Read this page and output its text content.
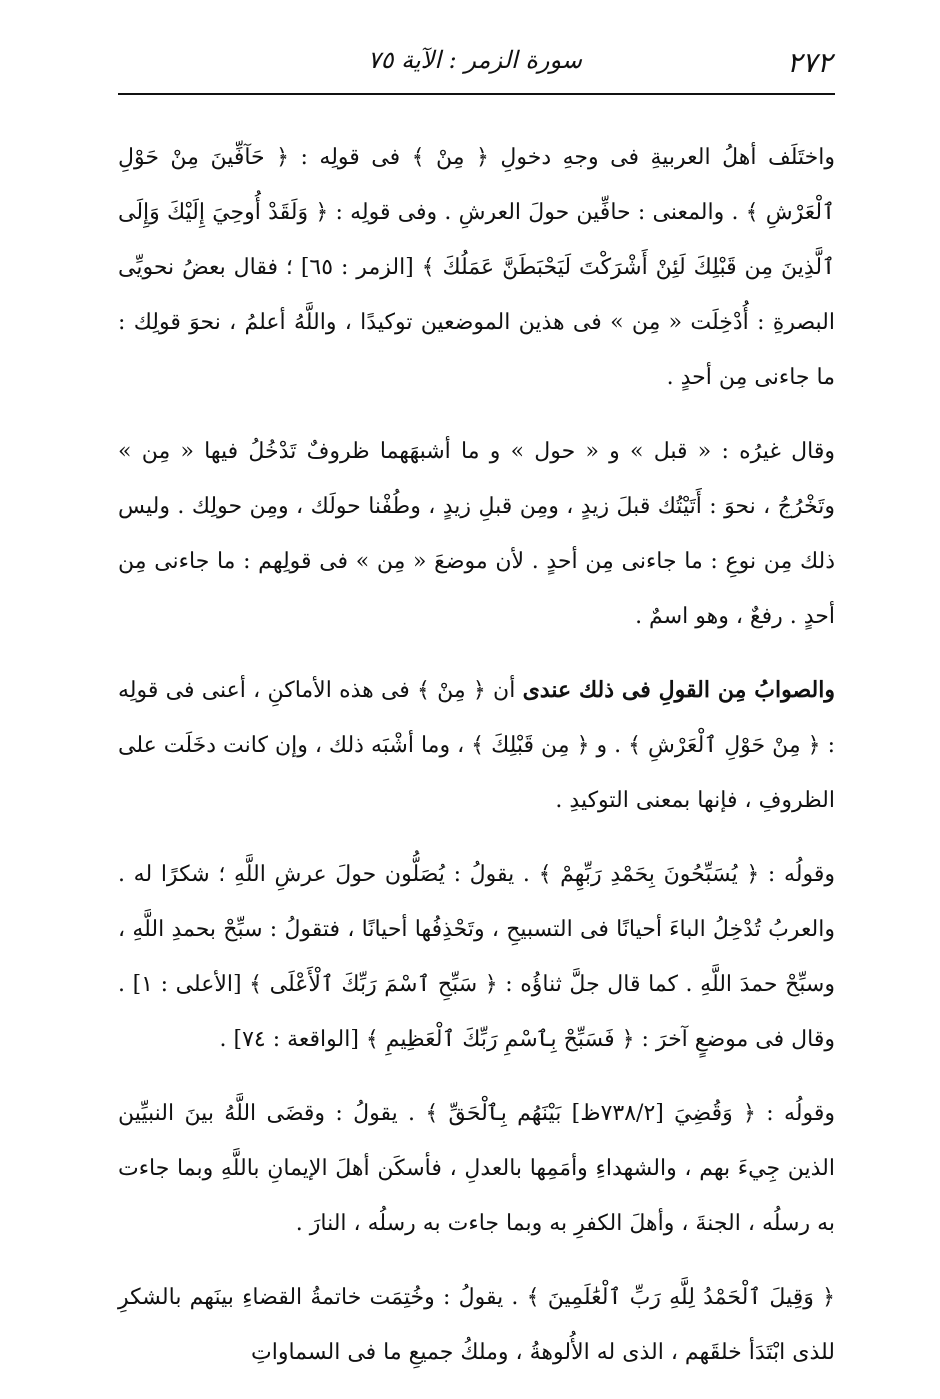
٢٧٢
سورة الزمر : الآية ٧٥

واختَلَف أهلُ العربيةِ فى وجهِ دخولِ ﴿ مِنْ ﴾ فى قولِه : ﴿ حَآفِّينَ مِنْ حَوْلِ ٱلْعَرْشِ ﴾ . والمعنى : حافِّين حولَ العرشِ . وفى قولِه : ﴿ وَلَقَدْ أُوحِيَ إِلَيْكَ وَإِلَى ٱلَّذِينَ مِن قَبْلِكَ لَئِنْ أَشْرَكْتَ لَيَحْبَطَنَّ عَمَلُكَ ﴾ [الزمر : ٦٥] ؛ فقال بعضُ نحويِّى البصرةِ : أُدْخِلَت « مِن » فى هذين الموضعين توكيدًا ، واللَّهُ أعلمُ ، نحوَ قولِك : ما جاءنى مِن أحدٍ .

وقال غيرُه : « قبل » و « حول » و ما أشبهَهما ظروفٌ تَدْخُلُ فيها « مِن » وتَخْرُجُ ، نحوَ : أَتَيْتُك قبلَ زيدٍ ، ومِن قبلِ زيدٍ ، وطُفْنا حولَك ، ومِن حولِك . وليس ذلك مِن نوعِ : ما جاءنى مِن أحدٍ . لأن موضعَ « مِن » فى قولِهم : ما جاءنى مِن أحدٍ . رفعٌ ، وهو اسمٌ .

والصوابُ مِن القولِ فى ذلك عندى أن ﴿ مِنْ ﴾ فى هذه الأماكنِ ، أعنى فى قولِه : ﴿ مِنْ حَوْلِ ٱلْعَرْشِ ﴾ . و ﴿ مِن قَبْلِكَ ﴾ ، وما أشْبَه ذلك ، وإن كانت دخَلَت على الظروفِ ، فإنها بمعنى التوكيدِ .

وقولُه : ﴿ يُسَبِّحُونَ بِحَمْدِ رَبِّهِمْ ﴾ . يقولُ : يُصَلُّون حولَ عرشِ اللَّهِ ؛ شكرًا له . والعربُ تُدْخِلُ الباءَ أحيانًا فى التسبيحِ ، وتَحْذِفُها أحيانًا ، فتقولُ : سبِّحْ بحمدِ اللَّهِ ، وسبِّحْ حمدَ اللَّهِ . كما قال جلَّ ثناؤُه : ﴿ سَبِّحِ ٱسْمَ رَبِّكَ ٱلْأَعْلَى ﴾ [الأعلى : ١] . وقال فى موضعٍ آخرَ : ﴿ فَسَبِّحْ بِٱسْمِ رَبِّكَ ٱلْعَظِيمِ ﴾ [الواقعة : ٧٤] .

وقولُه : ﴿ وَقُضِيَ [٧٣٨/٢ظ] بَيْنَهُم بِٱلْحَقِّ ﴾ . يقولُ : وقضَى اللَّهُ بينَ النبيِّين الذين جِيءَ بهم ، والشهداءِ وأمَمِها بالعدلِ ، فأسكَن أهلَ الإيمانِ باللَّهِ وبما جاءت به رسلُه ، الجنةَ ، وأهلَ الكفرِ به وبما جاءت به رسلُه ، النارَ .

﴿ وَقِيلَ ٱلْحَمْدُ لِلَّهِ رَبِّ ٱلْعَٰلَمِينَ ﴾ . يقولُ : وخُتِمَت خاتمةُ القضاءِ بينَهم بالشكرِ للذى ابْتَدَأ خلقَهم ، الذى له الأُلوهةُ ، وملكُ جميعِ ما فى السماواتِ
